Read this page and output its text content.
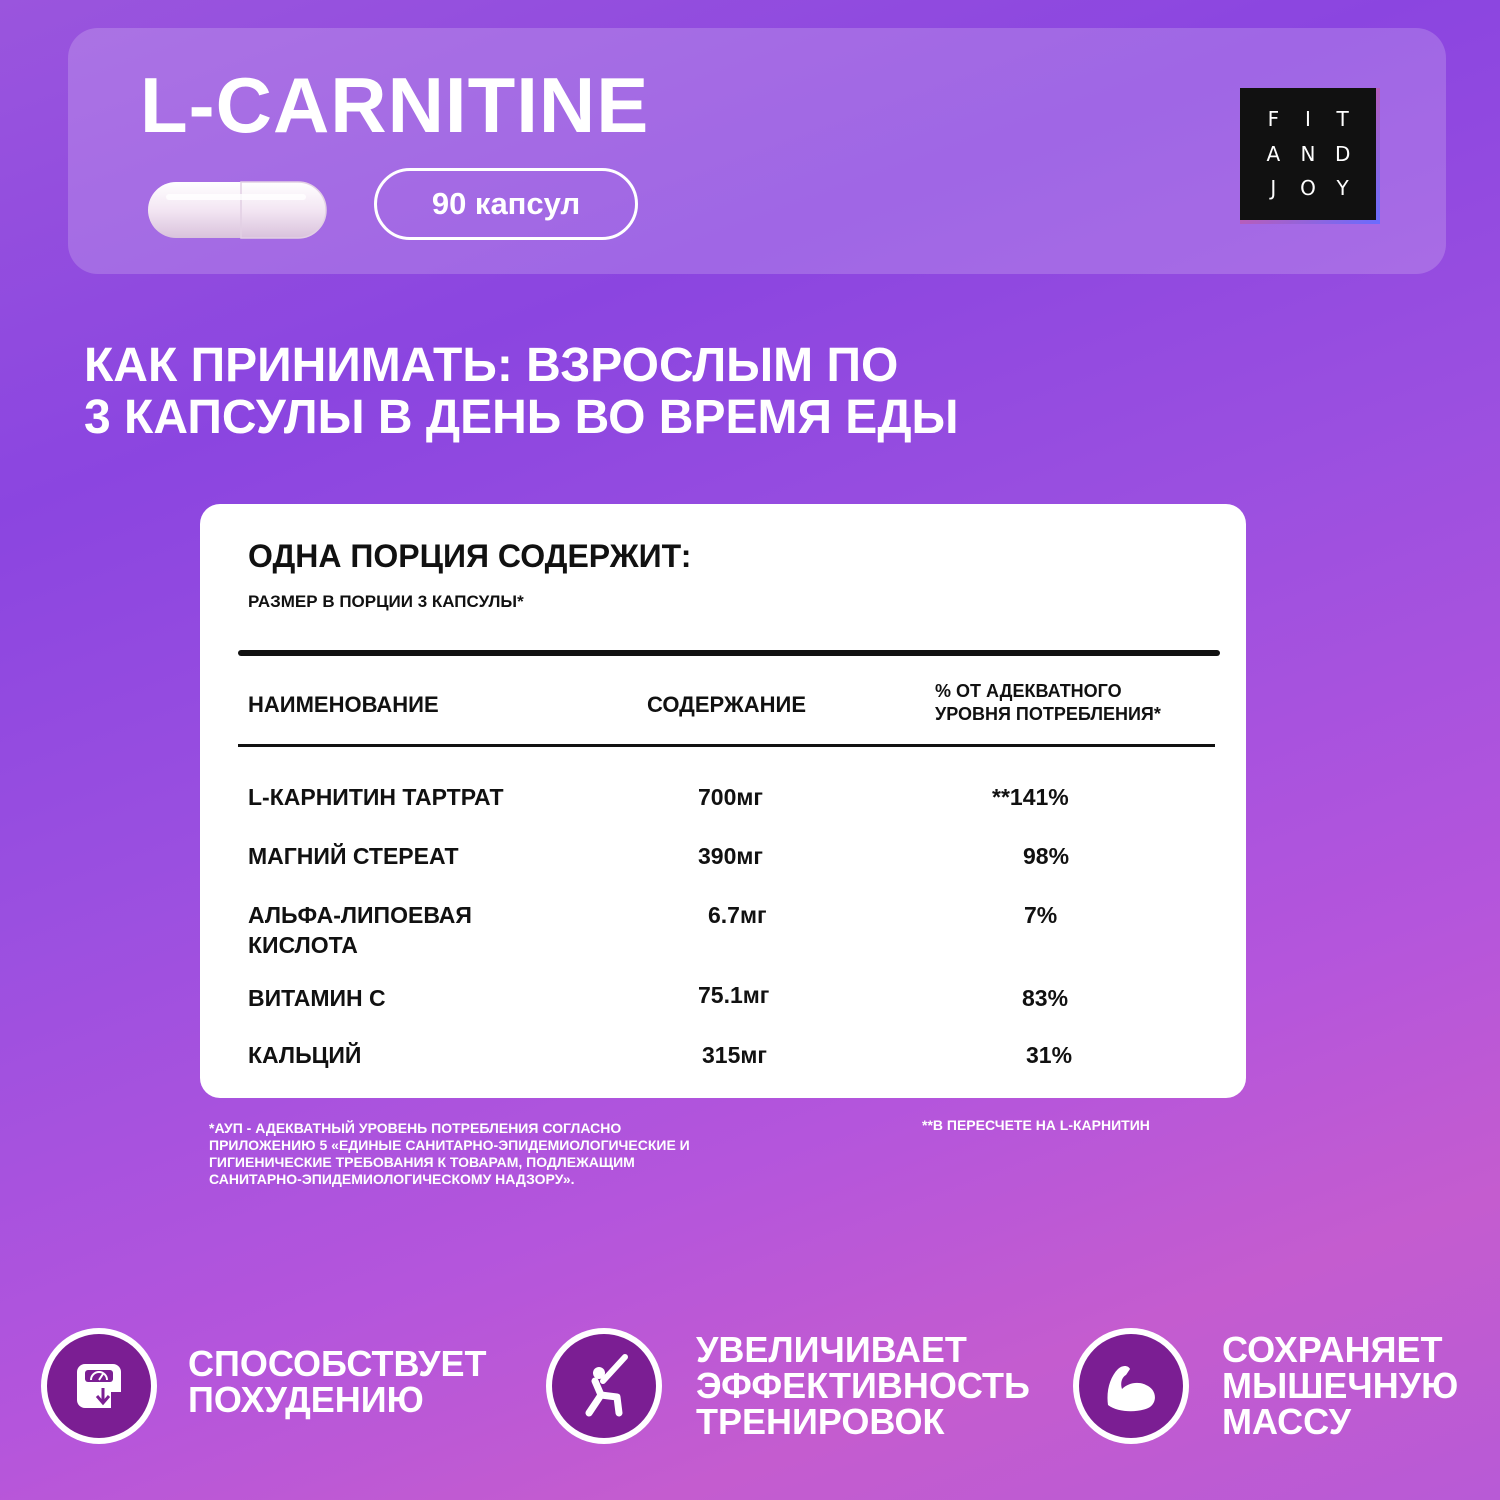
L-CARNITINE
90 капсул
F	I	T
A	N D
J	O	Y
КАК ПРИНИМАТЬ: ВЗРОСЛЫМ ПО
3 КАПСУЛЫ В ДЕНЬ ВО ВРЕМЯ ЕДЫ
ОДНА ПОРЦИЯ СОДЕРЖИТ:
РАЗМЕР В ПОРЦИИ 3 КАПСУЛЫ*
НАИМЕНОВАНИЕ	СОДЕРЖАНИЕ
% ОТ АДЕКВАТНОГО
УРОВНЯ ПОТРЕБЛЕНИЯ*
L-КАРНИТИН ТАРТРАТ	700мг	**141%
МАГНИЙ СТЕРЕАТ	390мг	98%
АЛЬФА-ЛИПОЕВАЯ
КИСЛОТА
6.7мг	7%
ВИТАМИН С	75.1мг	83%
КАЛЬЦИЙ	315мг	31%
*АУП - АДЕКВАТНЫЙ УРОВЕНЬ ПОТРЕБЛЕНИЯ СОГЛАСНО
ПРИЛОЖЕНИЮ 5 «ЕДИНЫЕ САНИТАРНО-ЭПИДЕМИОЛОГИЧЕСКИЕ И
ГИГИЕНИЧЕСКИЕ ТРЕБОВАНИЯ К ТОВАРАМ, ПОДЛЕЖАЩИМ
САНИТАРНО-ЭПИДЕМИОЛОГИЧЕСКОМУ НАДЗОРУ».
**В ПЕРЕСЧЕТЕ НА L-КАРНИТИН
СПОСОБСТВУЕТ
ПОХУДЕНИЮ
УВЕЛИЧИВАЕТ
ЭФФЕКТИВНОСТЬ
ТРЕНИРОВОК
СОХРАНЯЕТ
МЫШЕЧНУЮ
МАССУ
